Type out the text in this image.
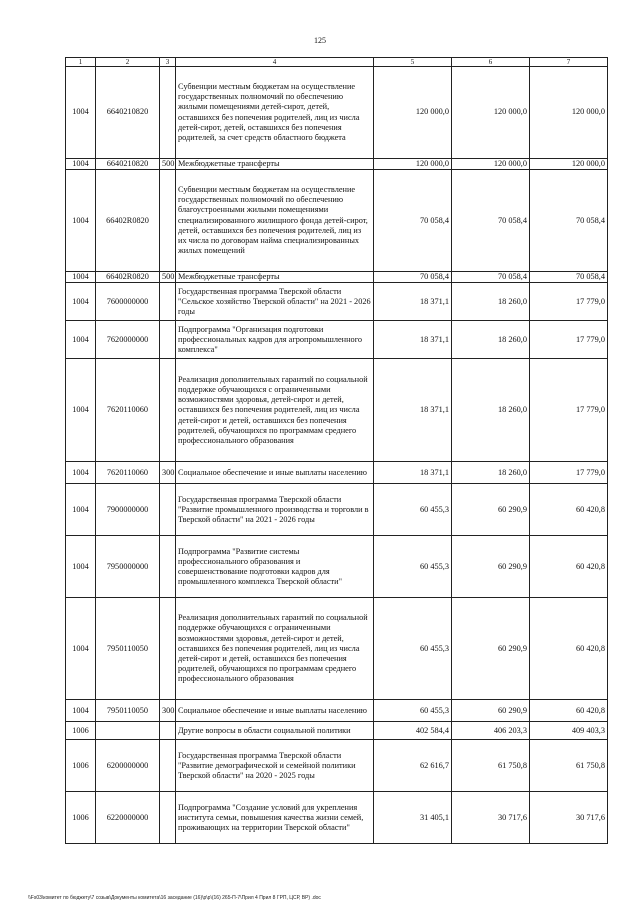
125
1	2	3	4	5	6	7
1004	6640210820		Субвенции местным бюджетам на осуществление государственных полномочий по обеспечению жилыми помещениями детей-сирот, детей, оставшихся без попечения родителей, лиц из числа детей-сирот, детей, оставшихся без попечения родителей, за счет средств областного бюджета	120 000,0	120 000,0	120 000,0
1004	6640210820	500	Межбюджетные трансферты	120 000,0	120 000,0	120 000,0
1004	66402R0820		Субвенции местным бюджетам на осуществление государственных полномочий по обеспечению благоустроенными жилыми помещениями специализированного жилищного фонда детей-сирот, детей, оставшихся без попечения родителей, лиц из их числа по договорам найма специализированных жилых помещений	70 058,4	70 058,4	70 058,4
1004	66402R0820	500	Межбюджетные трансферты	70 058,4	70 058,4	70 058,4
1004	7600000000		Государственная программа Тверской области "Сельское хозяйство Тверской области" на 2021 - 2026 годы	18 371,1	18 260,0	17 779,0
1004	7620000000		Подпрограмма "Организация подготовки профессиональных кадров для агропромышленного комплекса"	18 371,1	18 260,0	17 779,0
1004	7620110060		Реализация дополнительных гарантий по социальной поддержке обучающихся с ограниченными возможностями здоровья, детей-сирот и детей, оставшихся без попечения родителей, лиц из числа детей-сирот и детей, оставшихся без попечения родителей, обучающихся по программам среднего профессионального образования	18 371,1	18 260,0	17 779,0
1004	7620110060	300	Социальное обеспечение и иные выплаты населению	18 371,1	18 260,0	17 779,0
1004	7900000000		Государственная программа Тверской области "Развитие промышленного производства и торговли в Тверской области" на 2021 - 2026 годы	60 455,3	60 290,9	60 420,8
1004	7950000000		Подпрограмма "Развитие системы профессионального образования и совершенствование подготовки кадров для промышленного комплекса Тверской области"	60 455,3	60 290,9	60 420,8
1004	7950110050		Реализация дополнительных гарантий по социальной поддержке обучающихся с ограниченными возможностями здоровья, детей-сирот и детей, оставшихся без попечения родителей, лиц из числа детей-сирот и детей, оставшихся без попечения родителей, обучающихся по программам среднего профессионального образования	60 455,3	60 290,9	60 420,8
1004	7950110050	300	Социальное обеспечение и иные выплаты населению	60 455,3	60 290,9	60 420,8
1006			Другие вопросы в области социальной политики	402 584,4	406 203,3	409 403,3
1006	6200000000		Государственная программа Тверской области "Развитие демографической и семейной политики Тверской области" на 2020 - 2025 годы	62 616,7	61 750,8	61 750,8
1006	6220000000		Подпрограмма "Создание условий для укрепления института семьи, повышения качества жизни семей, проживающих на территории Тверской области"	31 405,1	30 717,6	30 717,6
\\Fs03\комитет по бюджету\7 созыв\Документы комитета\16 заседание (16)\р\р\(16) 265-П-7\Прил 4 Прил 8 ГРП, ЦСР, ВР) .doc
